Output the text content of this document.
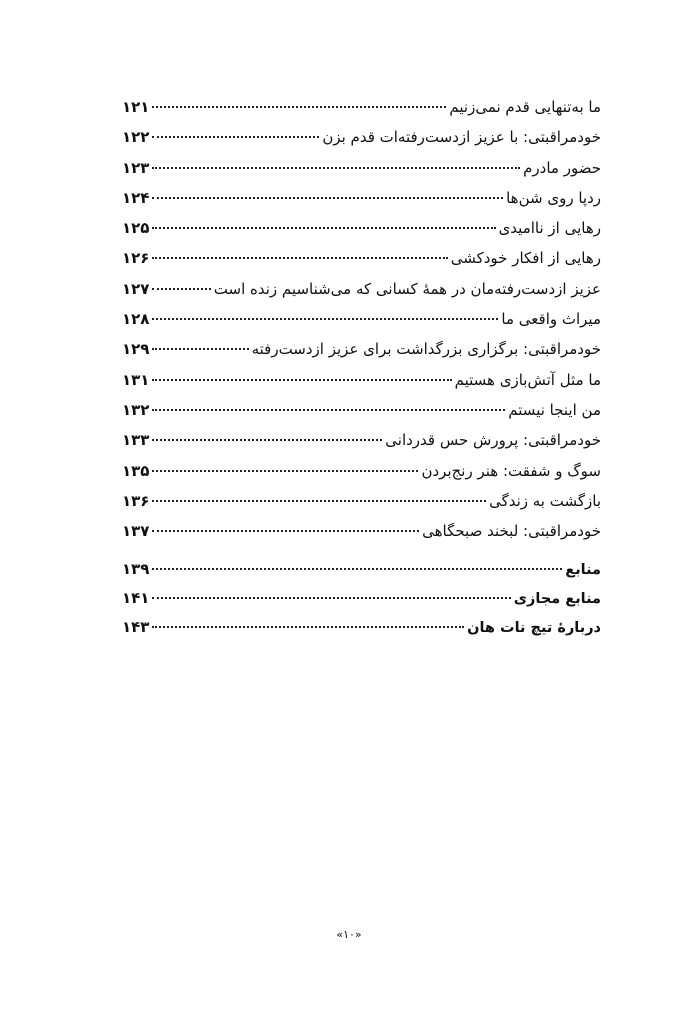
ما به‌تنهایی قدم نمی‌زنیم
۱۲۱
خودمراقبتی: با عزیز ازدست‌رفته‌ات قدم بزن
۱۲۲
حضور مادرم
۱۲۳
ردپا روی شن‌ها
۱۲۴
رهایی از ناامیدی
۱۲۵
رهایی از افکار خودکشی
۱۲۶
عزیز ازدست‌رفته‌مان در همهٔ کسانی که می‌شناسیم زنده است
۱۲۷
میراث واقعی ما
۱۲۸
خودمراقبتی: برگزاری بزرگداشت برای عزیز ازدست‌رفته
۱۲۹
ما مثل آتش‌بازی هستیم
۱۳۱
من اینجا نیستم
۱۳۲
خودمراقبتی: پرورش حس قدردانی
۱۳۳
سوگ و شفقت: هنر رنج‌بردن
۱۳۵
بازگشت به زندگی
۱۳۶
خودمراقبتی: لبخند صبحگاهی
۱۳۷
منابع
۱۳۹
منابع مجازی
۱۴۱
دربارهٔ تیچ نات هان
۱۴۳
«۱۰»
